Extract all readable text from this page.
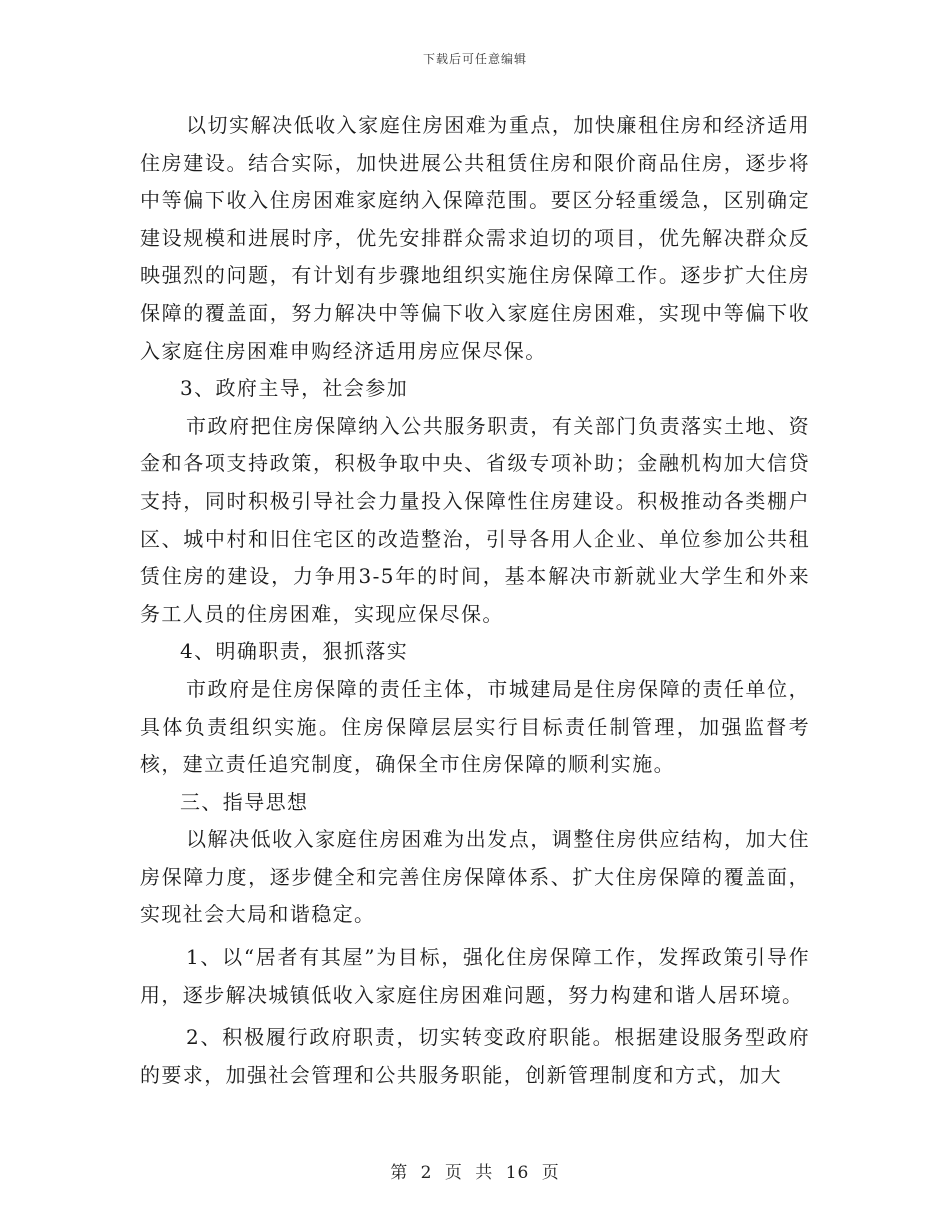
下载后可任意编辑

以切实解决低收入家庭住房困难为重点，加快廉租住房和经济适用住房建设。结合实际，加快进展公共租赁住房和限价商品住房，逐步将中等偏下收入住房困难家庭纳入保障范围。要区分轻重缓急，区别确定建设规模和进展时序，优先安排群众需求迫切的项目，优先解决群众反映强烈的问题，有计划有步骤地组织实施住房保障工作。逐步扩大住房保障的覆盖面，努力解决中等偏下收入家庭住房困难，实现中等偏下收入家庭住房困难申购经济适用房应保尽保。

3、政府主导，社会参加

市政府把住房保障纳入公共服务职责，有关部门负责落实土地、资金和各项支持政策，积极争取中央、省级专项补助；金融机构加大信贷支持，同时积极引导社会力量投入保障性住房建设。积极推动各类棚户区、城中村和旧住宅区的改造整治，引导各用人企业、单位参加公共租赁住房的建设，力争用3-5年的时间，基本解决市新就业大学生和外来务工人员的住房困难，实现应保尽保。

4、明确职责，狠抓落实

市政府是住房保障的责任主体，市城建局是住房保障的责任单位，具体负责组织实施。住房保障层层实行目标责任制管理，加强监督考核，建立责任追究制度，确保全市住房保障的顺利实施。

三、指导思想

以解决低收入家庭住房困难为出发点，调整住房供应结构，加大住房保障力度，逐步健全和完善住房保障体系、扩大住房保障的覆盖面，实现社会大局和谐稳定。

1、以“居者有其屋”为目标，强化住房保障工作，发挥政策引导作用，逐步解决城镇低收入家庭住房困难问题，努力构建和谐人居环境。

2、积极履行政府职责，切实转变政府职能。根据建设服务型政府的要求，加强社会管理和公共服务职能，创新管理制度和方式，加大

第 2 页 共 16 页
